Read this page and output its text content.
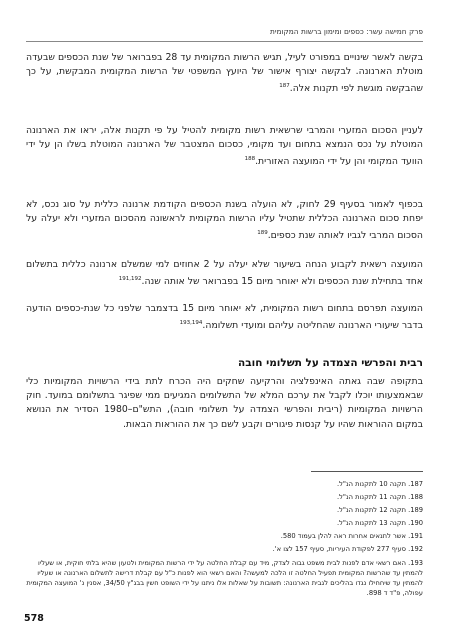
פרק חמישה עשר: כספים ומימון ברשות המקומית

בקשה לאשר שינויים במפורט לעיל, תגיש הרשות המקומית עד 28 בפברואר של שנת הכספים שבעדה מוטלת הארנונה. לבקשה יצורף אישור של היועץ המשפטי של הרשות המקומית המבקשת, על כך שהבקשה מוגשת לפי תקנות אלה.$^{187}$

לעניין הסכום המזערי והמרבי שרשאית רשות מקומית להטיל על פי תקנות אלה, יראו את הארנונה המוטלת על נכס הנמצא בתחום ועד מקומי, כסכום המצטבר של הארנונה המוטלת בשלו הן על ידי הוועד המקומי והן על ידי המועצה האזורית.$^{188}$

בכפוף לאמור בסעיף 29 לחוק, לא הועלה בשנת הכספים הקודמת ארנונה כללית על סוג נכס, לא יפחת סכום הארנונה הכללית שתטיל עליו הרשות המקומית לראשונה מהסכום המזערי ולא יעלה על הסכום המרבי לגביו לאותה שנת כספים.$^{189}$

המועצה רשאית לקבוע הנחה בשיעור שלא יעלה על 2 אחוזים למי שמשלם ארנונה כללית בתשלום אחד בתחילת שנת הכספים ולא יאוחר מיום 15 בפברואר של אותה שנה.$^{191,192}$

המועצה תפרסם בתחום רשות המקומית, לא יאוחר מיום 15 בדצמבר שלפני כל שנת-כספים הודעה בדבר שיעורי הארנונה שהחליטה עליהם ומועדי תשלומה.$^{193,194}$

רבית והפרשי הצמדה על תשלומי חובה

בתקופה שבה גאתה האינפלציה והרקיעה שחקים היה הכרח לתת בידי הרשויות המקומיות כלי שבאמצעותו יוכלו לקבל את ערכם המלא של התשלומים המגיעים ממי שפיגר בתשלומם במועד. חוק הרשויות המקומיות (ריבית והפרשי הצמדה על תשלומי חובה), התש"ם–1980 הסדיר את הנושא במקום ההוראות שהיו על קנסות פיגורים וקבע לשם כך את ההוראות הבאות.

187. תקנה 10 לתקנות הנ"ל.
188. תקנה 11 לתקנות הנ"ל.
189. תקנה 12 לתקנות הנ"ל.
190. תקנה 13 לתקנות הנ"ל.
191. אשר לתנאים אחרות ראה להלן בעמוד 580.
192. סעיף 277 לפקודת העיריות, סעיף 157 לצו א'.
193. האם רשאי אדם לפנות לבית משפט גבוה לצדק, מיד עם קבלת החלטה על ידי הרשות המקומית ולטעון שהיא בלתי חוקית, או שעליו להמתין עד שהרשות המקומית תפעיל החלטה זו הלכה למעשה? והאם רשאי הוא לפנות כ"ל עם קבלת דרישה לתשלום הארנונה או שעליו להמתין עד שיחחילו נגדו בהליכים לגבית הארנונה: תשובות על שאלות אלו ניתנו על ידי השופט חשין בבג"ץ 34/50, אסנין נ' המועצה המקומית עפולה, פ"ד ד 898.
578
